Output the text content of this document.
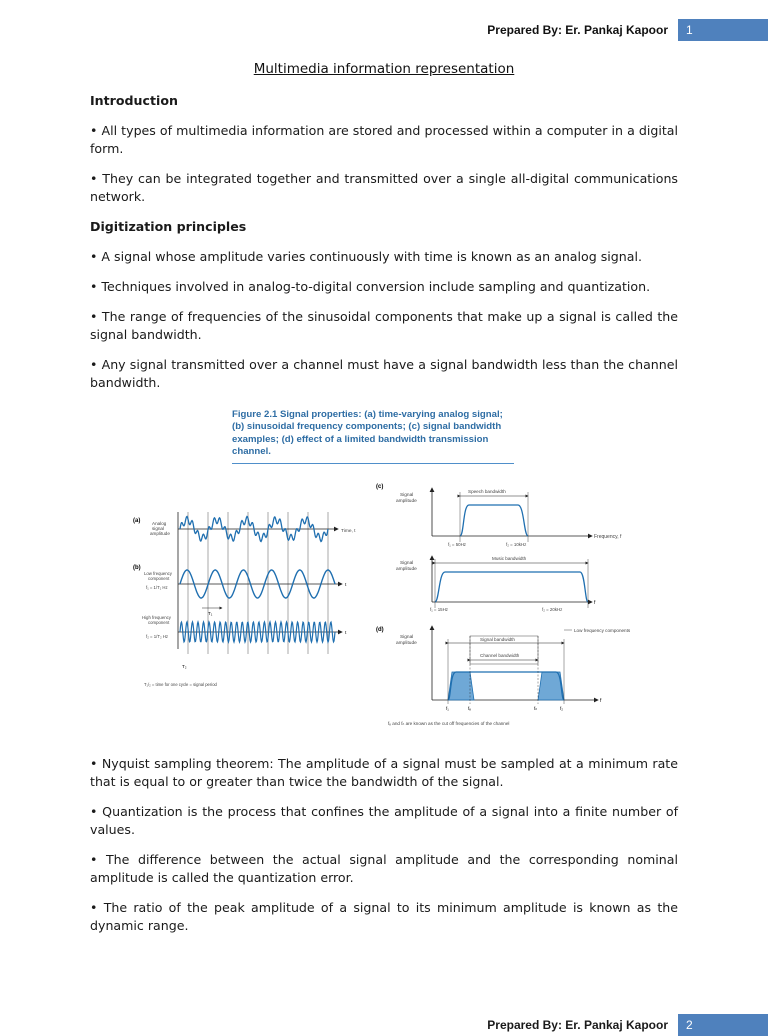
Prepared By: Er. Pankaj Kapoor	1
Multimedia information representation
Introduction

• All types of multimedia information are stored and processed within a computer in a digital form.

• They can be integrated together and transmitted over a single all-digital communications network.

Digitization principles

• A signal whose amplitude varies continuously with time is known as an analog signal.

• Techniques involved in analog-to-digital conversion include sampling and quantization.

• The range of frequencies of the sinusoidal components that make up a signal is called the signal bandwidth.

• Any signal transmitted over a channel must have a signal bandwidth less than the channel bandwidth.

Figure 2.1 Signal properties: (a) time-varying analog signal; (b) sinusoidal frequency components; (c) signal bandwidth examples; (d) effect of a limited bandwidth transmission channel.
(a)	Analog signal amplitude	Time, t
(b)
Low frequency component
f₁ = 1/T₁ Hz	t
T₁
High frequency component
f₂ = 1/T₂ Hz
t
T₂
T₁/₂ = time for one cycle = signal period
(c)
Signal amplitude
Frequency, f
Speech bandwidth
f₁ = 50Hz	f₂ = 10kHz
Signal amplitude
f
Music bandwidth
f₁ = 15Hz	f₂ = 20kHz
(d)
Signal amplitude
f
Signal bandwidth
Channel bandwidth
Low frequency components
f₁	fₑ	fₙ	f₂
fₑ and fₙ are known as the cut off frequencies of the channel

• Nyquist sampling theorem: The amplitude of a signal must be sampled at a minimum rate that is equal to or greater than twice the bandwidth of the signal.

• Quantization is the process that confines the amplitude of a signal into a finite number of values.

• The difference between the actual signal amplitude and the corresponding nominal amplitude is called the quantization error.

• The ratio of the peak amplitude of a signal to its minimum amplitude is known as the dynamic range.

Prepared By: Er. Pankaj Kapoor	2
